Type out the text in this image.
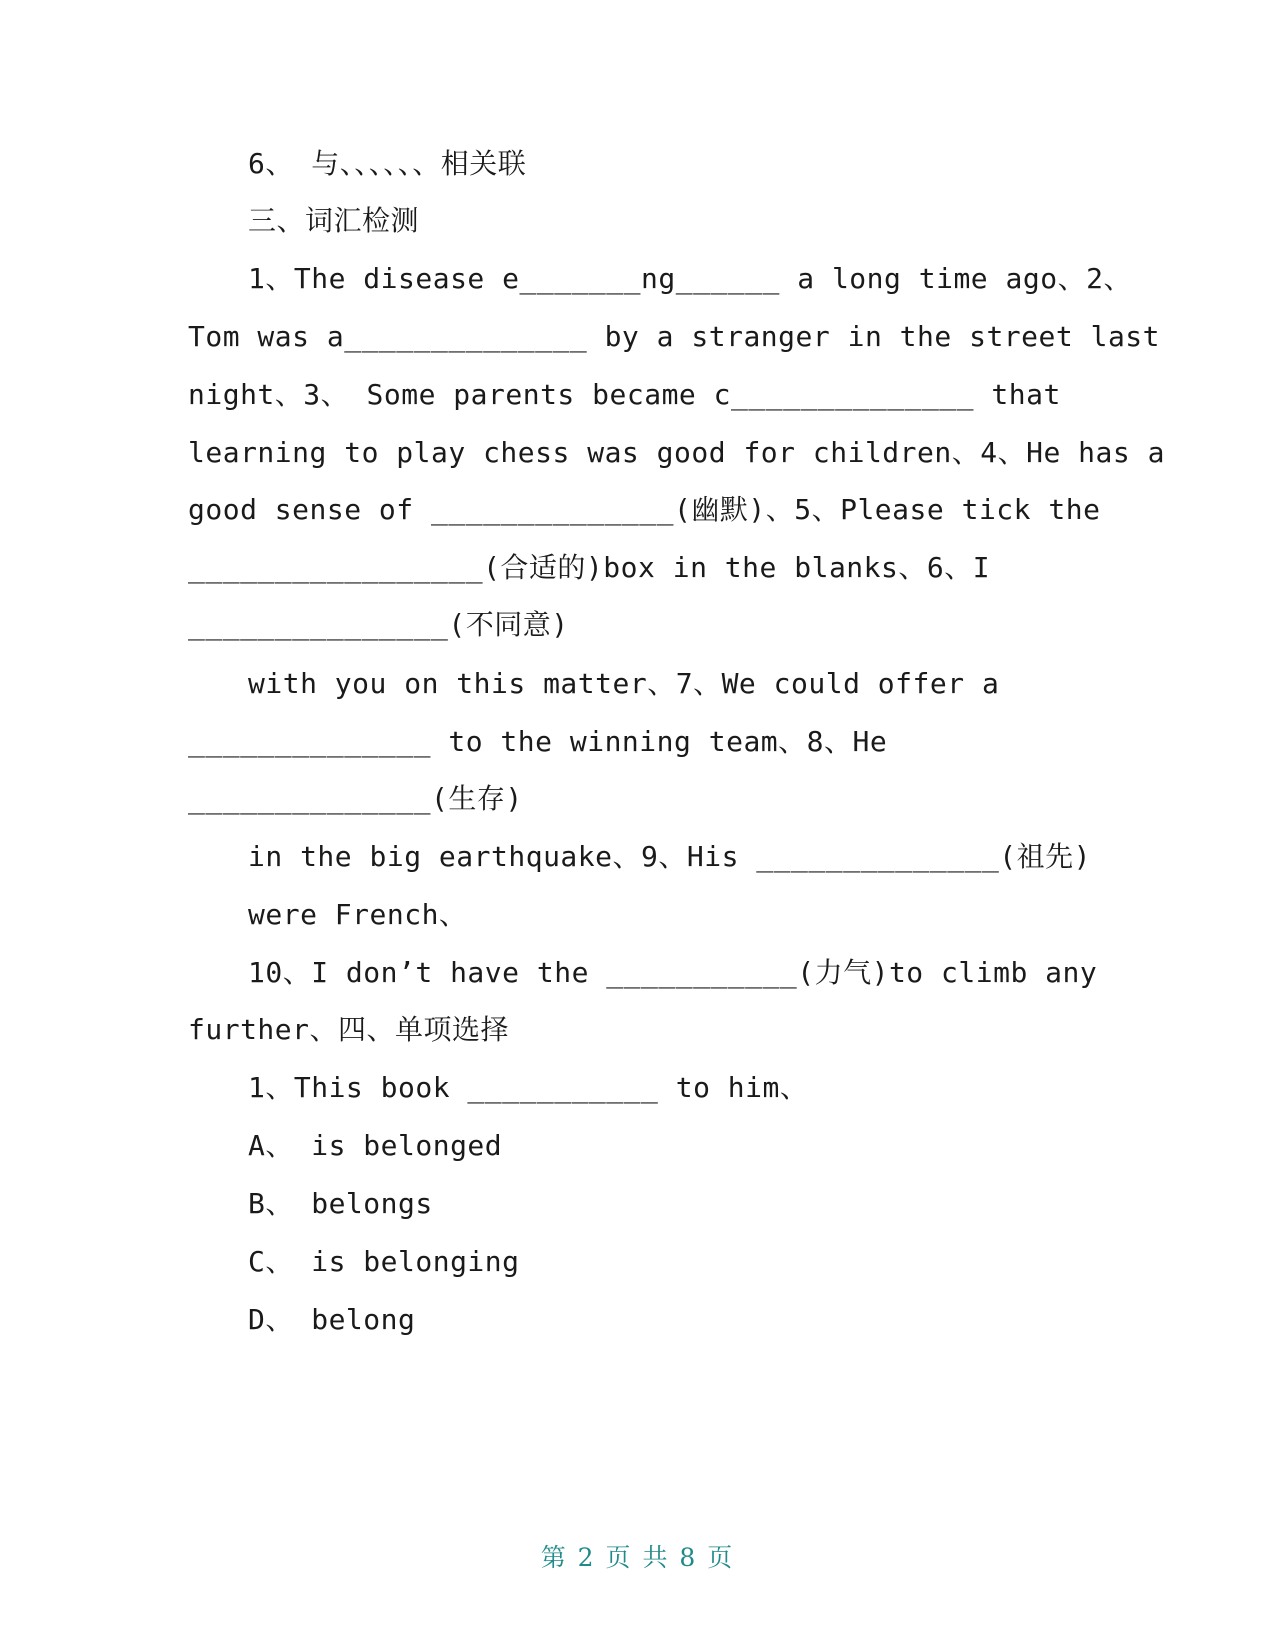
6、 与、、、、、、相关联
三、词汇检测
1、The disease e_______ng______ a long time ago、2、
Tom was a______________ by a stranger in the street last
night、3、 Some parents became c______________ that
learning to play chess was good for children、4、He has a
good sense of ______________(幽默)、5、Please tick the
_________________(合适的)box in the blanks、6、I
_______________(不同意)
with you on this matter、7、We could offer a
______________ to the winning team、8、He
______________(生存)
in the big earthquake、9、His ______________(祖先)
were French、
10、I don’t have the ___________(力气)to climb any
further、四、单项选择
1、This book ___________ to him、
A、 is belonged
B、 belongs
C、 is belonging
D、 belong
第 2 页 共 8 页
